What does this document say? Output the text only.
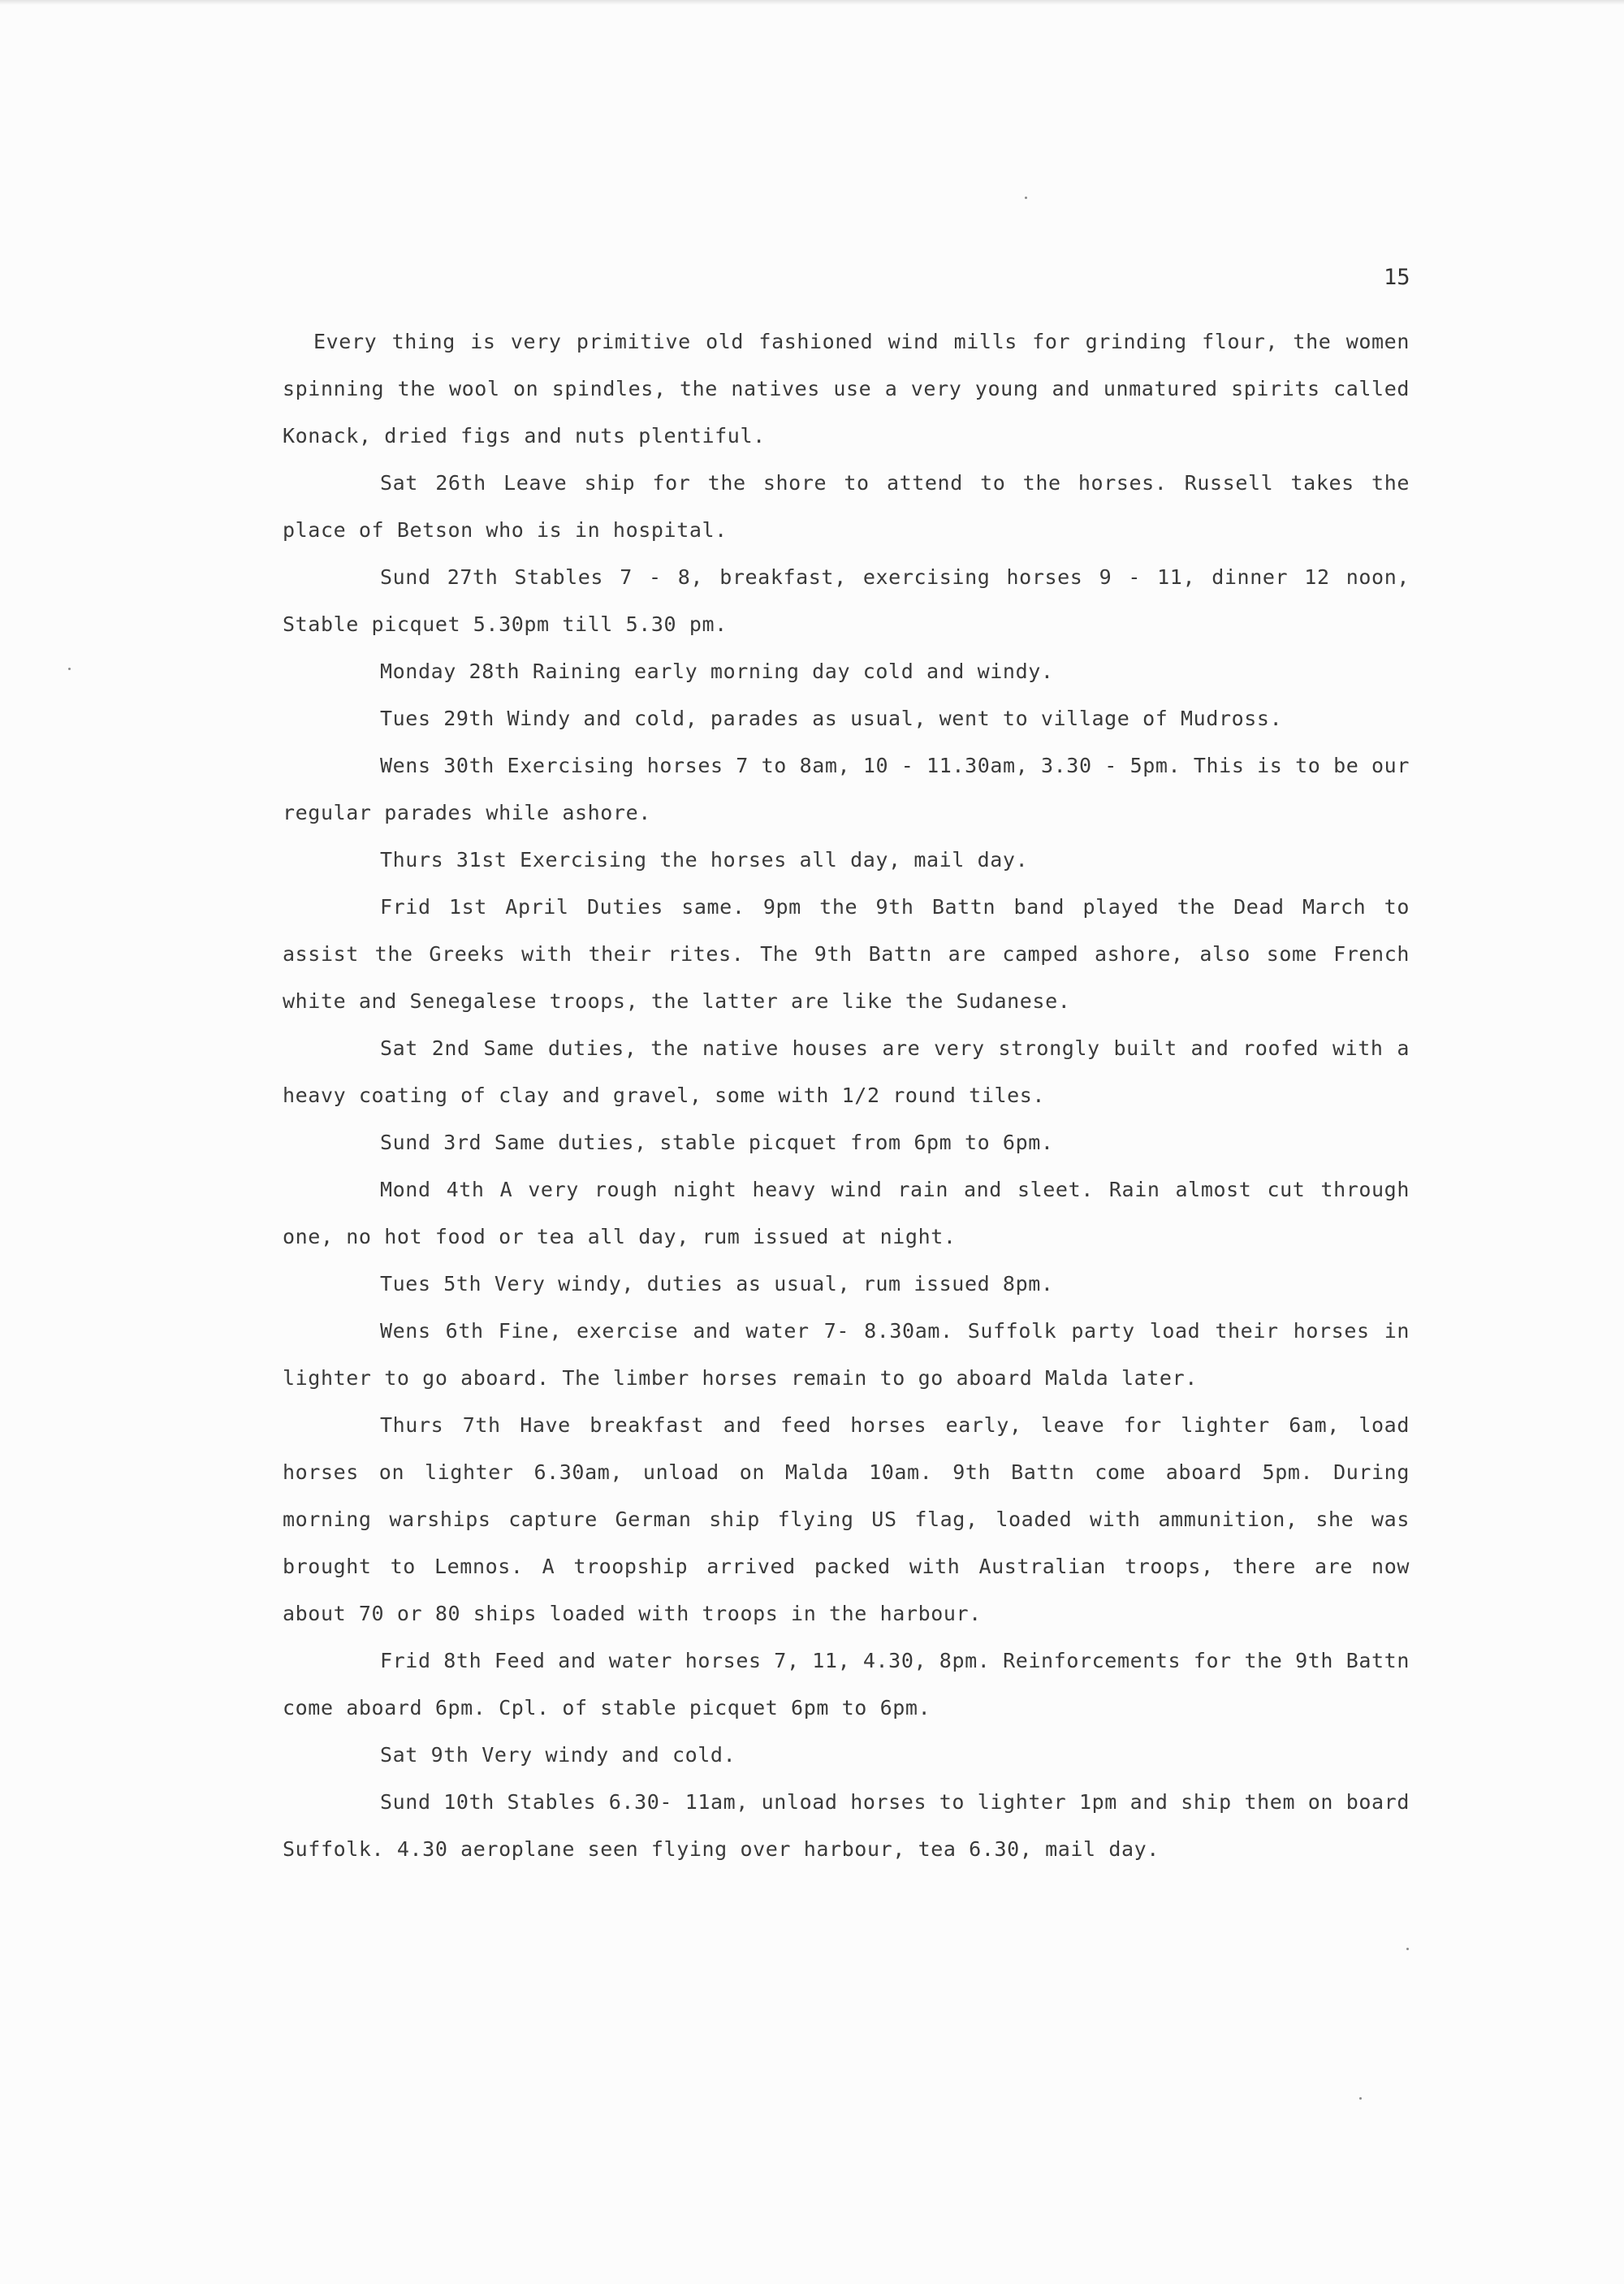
15

Every thing is very primitive old fashioned wind mills for grinding flour, the women spinning the wool on spindles, the natives use a very young and unmatured spirits called Konack, dried figs and nuts plentiful.

Sat 26th Leave ship for the shore to attend to the horses. Russell takes the place of Betson who is in hospital.

Sund 27th Stables 7 - 8, breakfast, exercising horses 9 - 11, dinner 12 noon, Stable picquet 5.30pm till 5.30 pm.

Monday 28th Raining early morning day cold and windy.

Tues 29th Windy and cold, parades as usual, went to village of Mudross.

Wens 30th Exercising horses 7 to 8am, 10 - 11.30am, 3.30 - 5pm. This is to be our regular parades while ashore.

Thurs 31st Exercising the horses all day, mail day.

Frid 1st April Duties same. 9pm the 9th Battn band played the Dead March to assist the Greeks with their rites. The 9th Battn are camped ashore, also some French white and Senegalese troops, the latter are like the Sudanese.

Sat 2nd Same duties, the native houses are very strongly built and roofed with a heavy coating of clay and gravel, some with 1/2 round tiles.

Sund 3rd Same duties, stable picquet from 6pm to 6pm.

Mond 4th A very rough night heavy wind rain and sleet. Rain almost cut through one, no hot food or tea all day, rum issued at night.

Tues 5th Very windy, duties as usual, rum issued 8pm.

Wens 6th Fine, exercise and water 7- 8.30am. Suffolk party load their horses in lighter to go aboard. The limber horses remain to go aboard Malda later.

Thurs 7th Have breakfast and feed horses early, leave for lighter 6am, load horses on lighter 6.30am, unload on Malda 10am. 9th Battn come aboard 5pm. During morning warships capture German ship flying US flag, loaded with ammunition, she was brought to Lemnos. A troopship arrived packed with Australian troops, there are now about 70 or 80 ships loaded with troops in the harbour.

Frid 8th Feed and water horses 7, 11, 4.30, 8pm. Reinforcements for the 9th Battn come aboard 6pm. Cpl. of stable picquet 6pm to 6pm.

Sat 9th Very windy and cold.

Sund 10th Stables 6.30- 11am, unload horses to lighter 1pm and ship them on board Suffolk. 4.30 aeroplane seen flying over harbour, tea 6.30, mail day.
